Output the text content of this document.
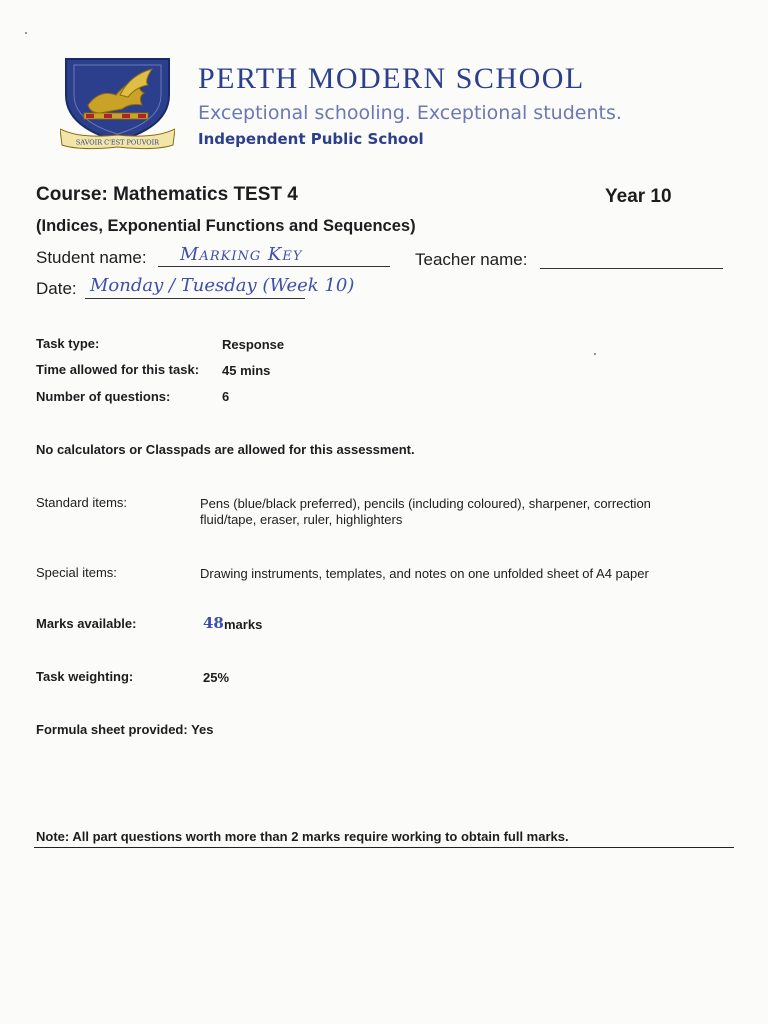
SAVOIR C'EST POUVOIR
PERTH MODERN SCHOOL
Exceptional schooling. Exceptional students.
Independent Public School
Course: Mathematics TEST 4	Year 10
(Indices, Exponential Functions and Sequences)
Student name: Marking Key	Teacher name:
Date: Monday / Tuesday (Week 10)
Task type:	Response
Time allowed for this task: 45 mins
Number of questions:	6
No calculators or Classpads are allowed for this assessment.
Standard items:	Pens (blue/black preferred), pencils (including coloured), sharpener, correction fluid/tape, eraser, ruler, highlighters
Special items:	Drawing instruments, templates, and notes on one unfolded sheet of A4 paper
Marks available:	48 marks
Task weighting:	25%
Formula sheet provided: Yes
Note: All part questions worth more than 2 marks require working to obtain full marks.
